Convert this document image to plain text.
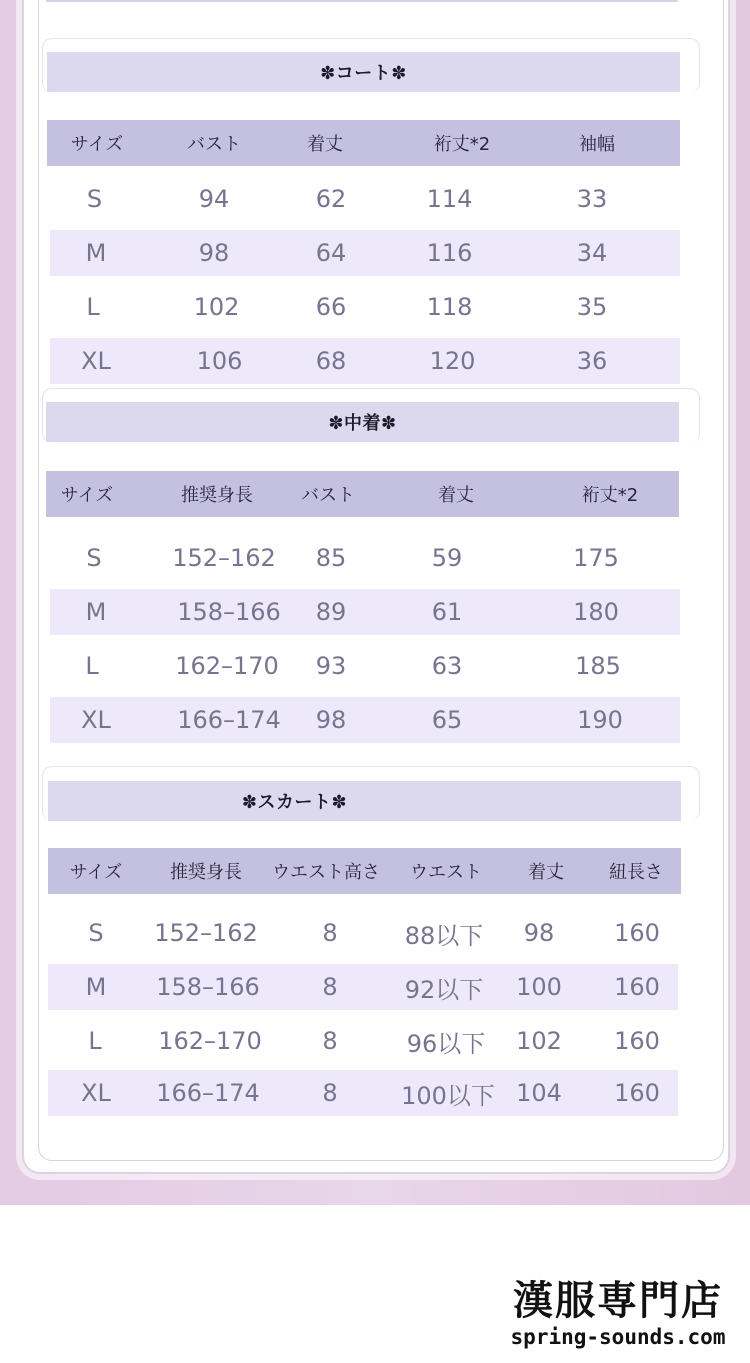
✽コート✽
サイズ	バスト	着丈	裄丈*2	袖幅
S	94	62	114	33
M	98	64	116	34
L	102	66	118	35
XL	106	68	120	36
✽中着✽
サイズ	推奨身長	バスト	着丈	裄丈*2
S	152–162	85	59	175
M	158–166	89	61	180
L	162–170	93	63	185
XL	166–174	98	65	190
✽スカート✽
サイズ	推奨身長	ウエスト高さ	ウエスト	着丈	紐長さ
S	152–162	8	88以下	98	160
M	158–166	8	92以下	100	160
L	162–170	8	96以下	102	160
XL	166–174	8	100以下 104	160
漢服専門店
spring-sounds.com
